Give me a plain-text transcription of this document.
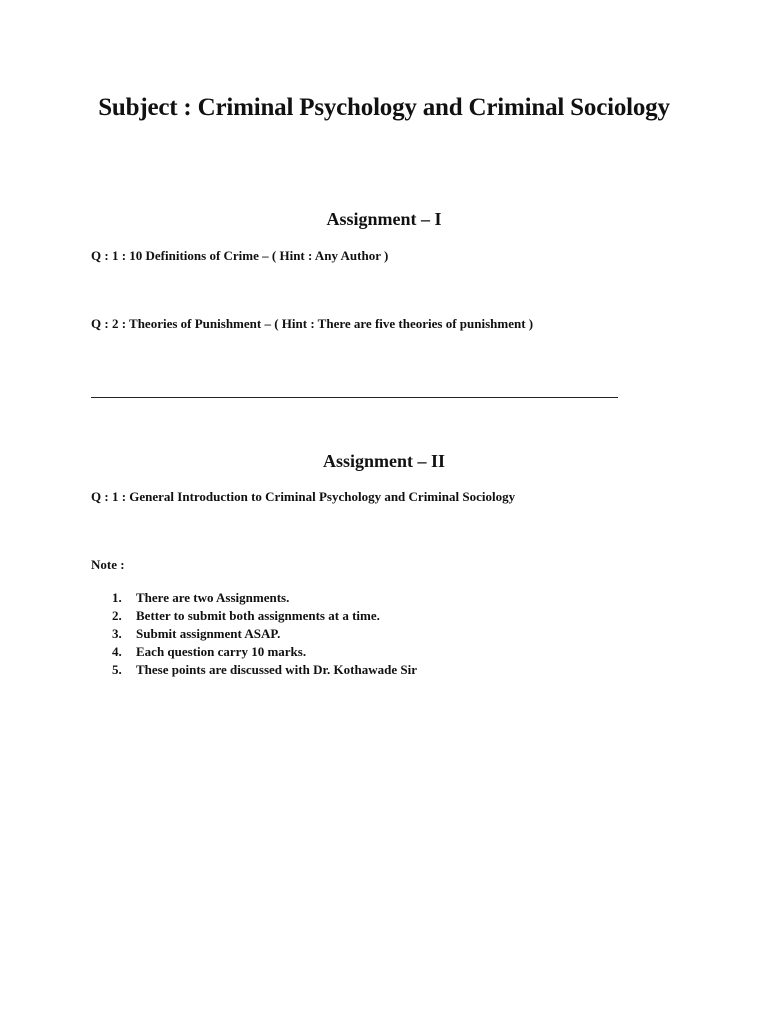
Subject : Criminal Psychology and Criminal Sociology
Assignment – I
Q : 1 : 10 Definitions of Crime – ( Hint : Any Author )
Q : 2 : Theories of Punishment – ( Hint : There are five theories of punishment )
Assignment – II
Q : 1 : General Introduction to Criminal Psychology and Criminal Sociology
Note :
1.	There are two Assignments.
2.	Better to submit both assignments at a time.
3.	Submit assignment ASAP.
4.	Each question carry 10 marks.
5.	These points are discussed with Dr. Kothawade Sir
